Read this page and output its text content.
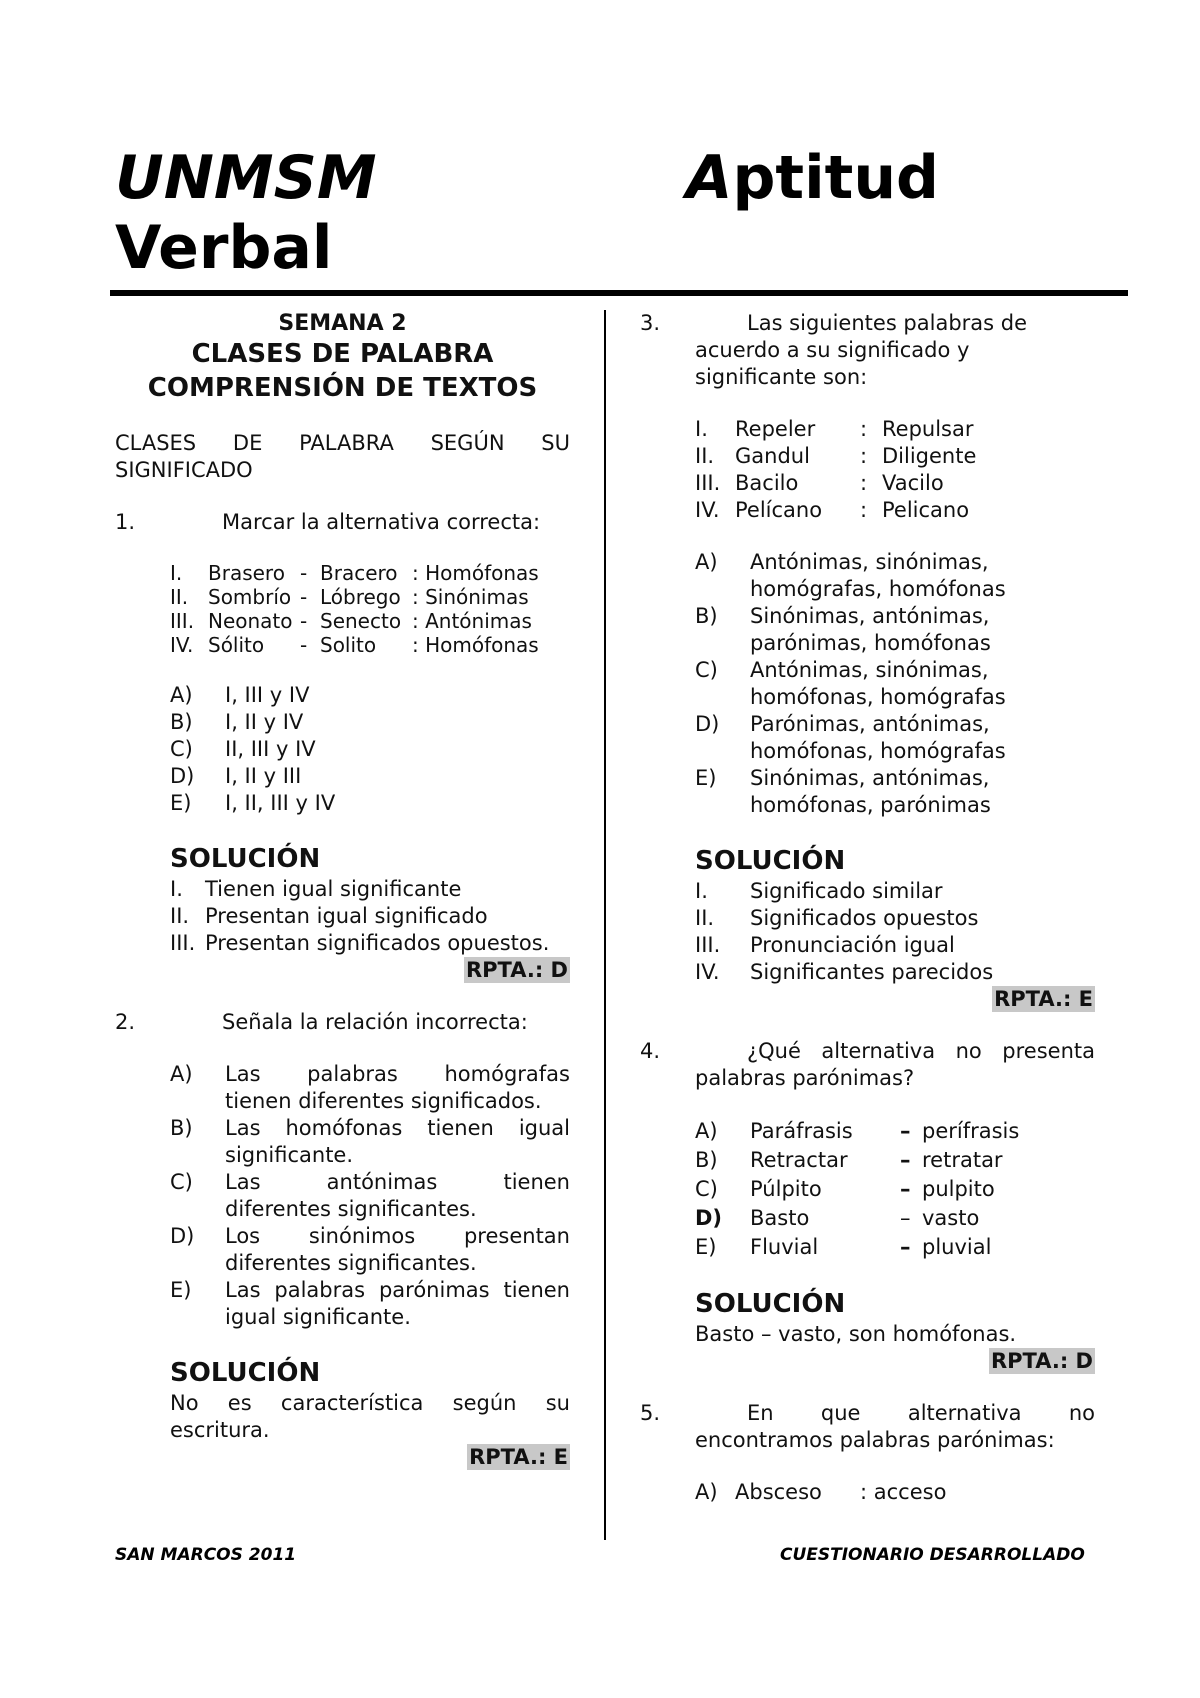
UNMSM	Aptitud
Verbal
SEMANA 2
CLASES DE PALABRA
COMPRENSIÓN DE TEXTOS
CLASES DE PALABRA SEGÚN SU
SIGNIFICADO
1.	Marcar la alternativa correcta:
I.	Brasero	-	Bracero	: Homófonas
II.	Sombrío	-	Lóbrego	: Sinónimas
III.	Neonato	-	Senecto	: Antónimas
IV.	Sólito	-	Solito	: Homófonas
A) I, III y IV
B) I, II y IV
C) II, III y IV
D) I, II y III
E) I, II, III y IV
SOLUCIÓN
I. Tienen igual significante
II. Presentan igual significado
III. Presentan significados opuestos.
RPTA.: D
2.	Señala la relación incorrecta:
A) Las palabras homógrafas
tienen diferentes significados.
B) Las homófonas tienen igual
significante.
C) Las antónimas tienen
diferentes significantes.
D) Los sinónimos presentan
diferentes significantes.
E) Las palabras parónimas tienen
igual significante.
SOLUCIÓN
No es característica según su
escritura.
RPTA.: E
3.	Las siguientes palabras de acuerdo a su significado y significante son:
I.	Repeler	:	Repulsar
II.	Gandul	:	Diligente
III.	Bacilo	:	Vacilo
IV.	Pelícano	:	Pelicano
A) Antónimas, sinónimas,
homógrafas, homófonas
B) Sinónimas, antónimas,
parónimas, homófonas
C) Antónimas, sinónimas,
homófonas, homógrafas
D) Parónimas, antónimas,
homófonas, homógrafas
E) Sinónimas, antónimas,
homófonas, parónimas
SOLUCIÓN
I. Significado similar
II. Significados opuestos
III. Pronunciación igual
IV. Significantes parecidos
RPTA.: E
4.	¿Qué alternativa no presenta palabras parónimas?
A)	Paráfrasis	–	perífrasis
B)	Retractar	–	retratar
C)	Púlpito	–	pulpito
D)	Basto	–	vasto
E)	Fluvial	–	pluvial
SOLUCIÓN
Basto – vasto, son homófonas.
RPTA.: D
5.	En que alternativa no encontramos palabras parónimas:
A)	Absceso	: acceso
SAN MARCOS 2011	CUESTIONARIO DESARROLLADO
